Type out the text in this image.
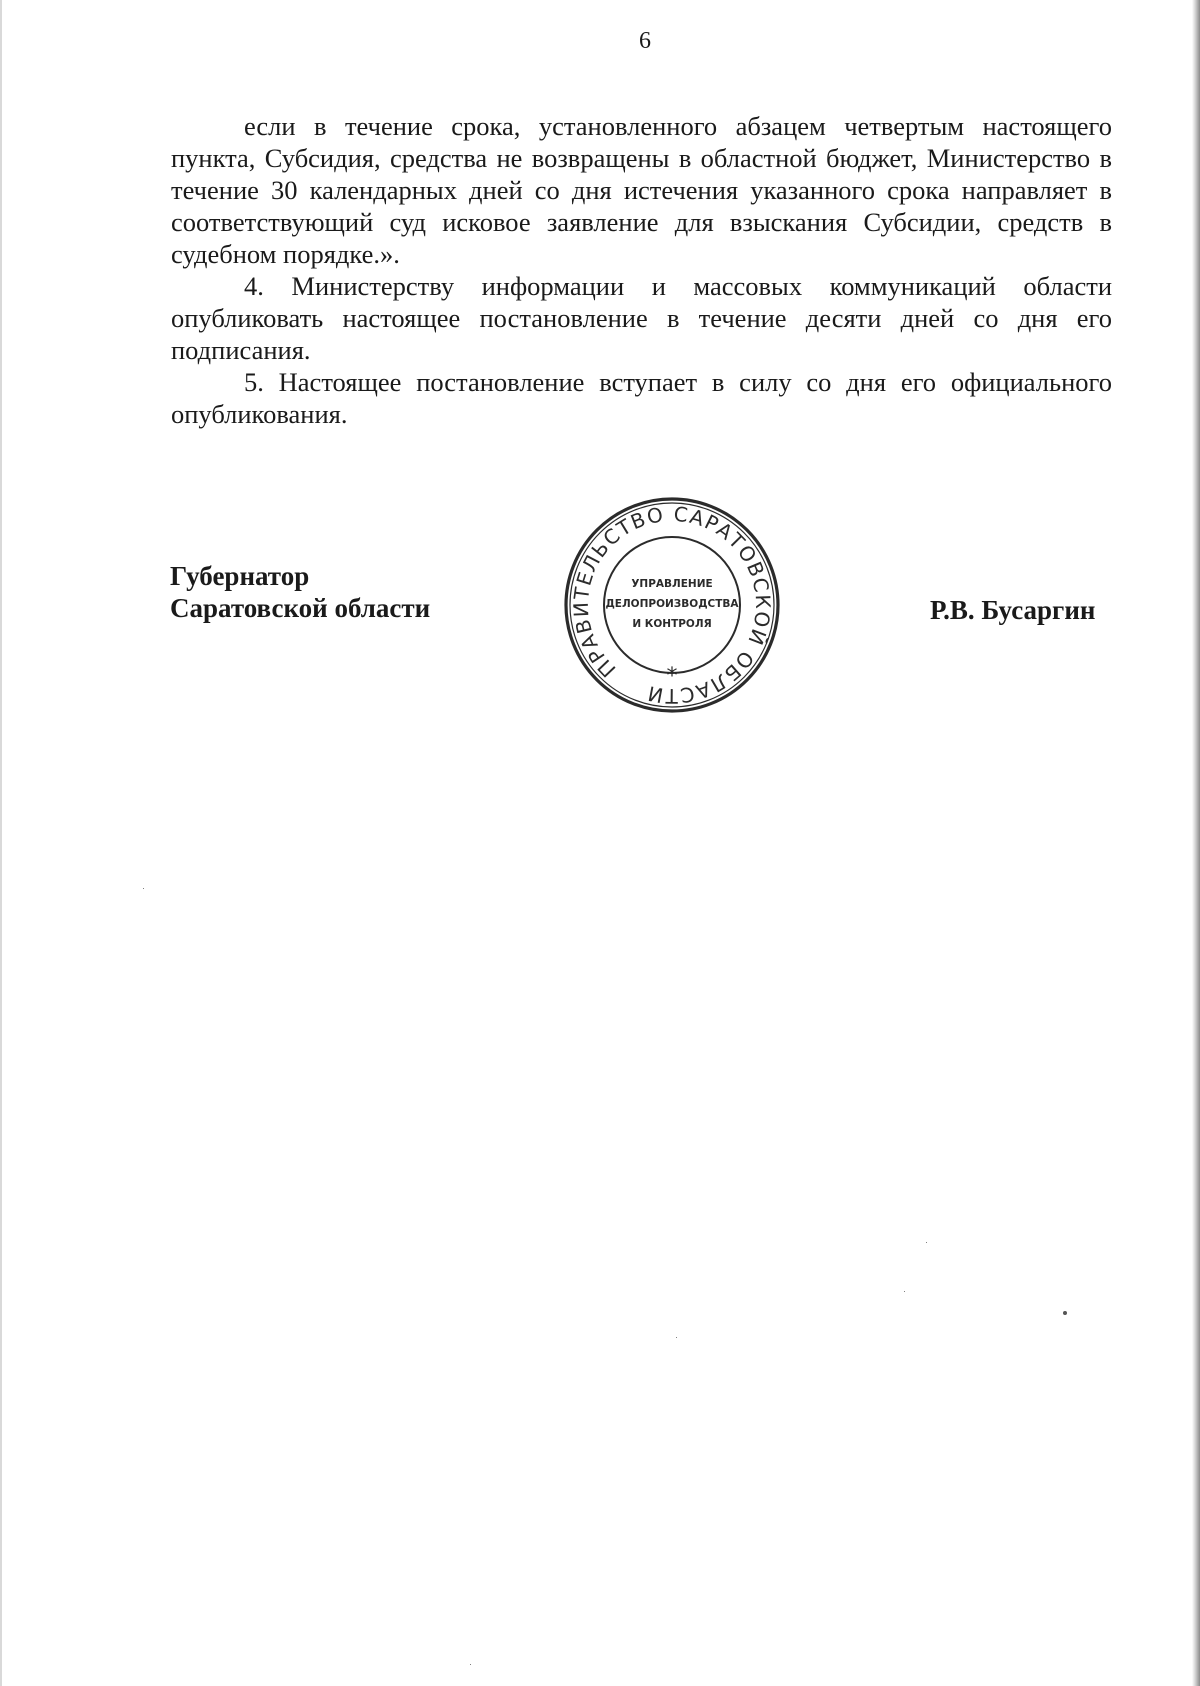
6

если в течение срока, установленного абзацем четвертым настоящего пункта, Субсидия, средства не возвращены в областной бюджет, Министерство в течение 30 календарных дней со дня истечения указанного срока направляет в соответствующий суд исковое заявление для взыскания Субсидии, средств в судебном порядке.».

4. Министерству информации и массовых коммуникаций области опубликовать настоящее постановление в течение десяти дней со дня его подписания.

5. Настоящее постановление вступает в силу со дня его официального опубликования.

Губернатор
Саратовской области	Р.В. Бусаргин
ПРАВИТЕЛЬСТВО САРАТОВСКОЙ ОБЛАСТИ
*
УПРАВЛЕНИЕ
ДЕЛОПРОИЗВОДСТВА
И КОНТРОЛЯ
